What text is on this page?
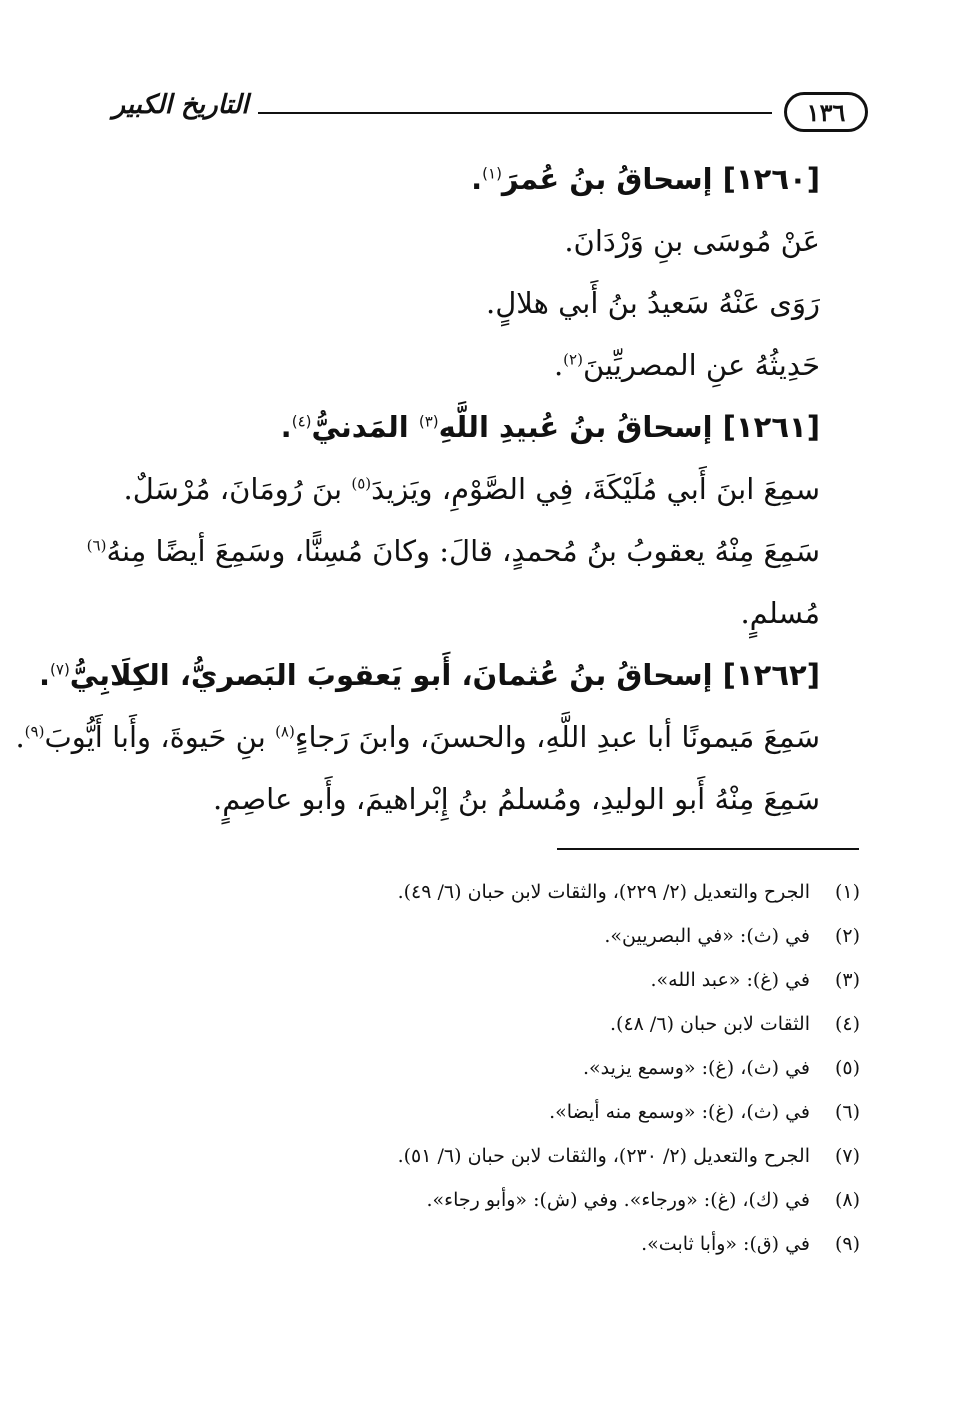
١٣٦
التاريخ الكبير
[١٢٦٠] إسحاقُ بنُ عُمرَ$^{(١)}$.
عَنْ مُوسَى بنِ وَرْدَانَ.
رَوَى عَنْهُ سَعيدُ بنُ أَبي هلالٍ.
حَدِيثُهُ عنِ المصريِّينَ$^{(٢)}$.
[١٢٦١] إسحاقُ بنُ عُبيدِ اللَّهِ$^{(٣)}$ المَدنيُّ$^{(٤)}$.
سمِعَ ابنَ أَبي مُلَيْكَةَ، فِي الصَّوْمِ، ويَزيدَ$^{(٥)}$ بنَ رُومَانَ، مُرْسَلٌ.
سَمِعَ مِنْهُ يعقوبُ بنُ مُحمدٍ، قالَ: وكانَ مُسِنًّا، وسَمِعَ أيضًا مِنهُ$^{(٦)}$
مُسلمٍ.
[١٢٦٢] إسحاقُ بنُ عُثمانَ، أَبو يَعقوبَ البَصريُّ، الكِلَابِيُّ$^{(٧)}$.
سَمِعَ مَيمونًا أبا عبدِ اللَّهِ، والحسنَ، وابنَ رَجاءٍ$^{(٨)}$ بنِ حَيوةَ، وأَبا أَيُّوبَ$^{(٩)}$.
سَمِعَ مِنْهُ أَبو الوليدِ، ومُسلمُ بنُ إِبْراهيمَ، وأَبو عاصِمٍ.
(١)
الجرح والتعديل (٢/ ٢٢٩)، والثقات لابن حبان (٦/ ٤٩).
(٢)
في (ث): «في البصريين».
(٣)
في (غ): «عبد الله».
(٤)
الثقات لابن حبان (٦/ ٤٨).
(٥)
في (ث)، (غ): «وسمع يزيد».
(٦)
في (ث)، (غ): «وسمع منه أيضا».
(٧)
الجرح والتعديل (٢/ ٢٣٠)، والثقات لابن حبان (٦/ ٥١).
(٨)
في (ك)، (غ): «ورجاء». وفي (ش): «وأبو رجاء».
(٩)
في (ق): «وأبا ثابت».
